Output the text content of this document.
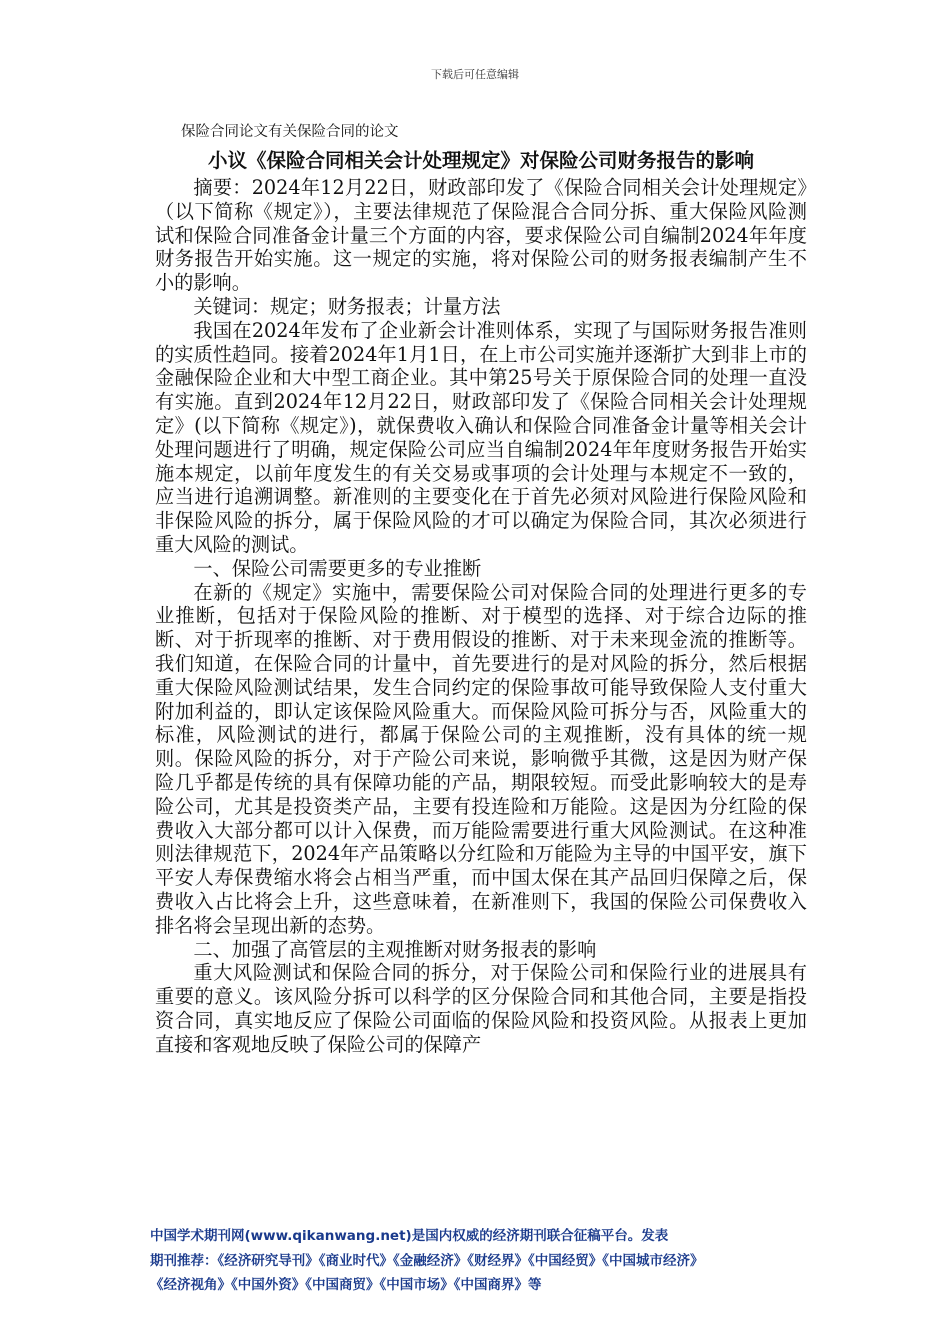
下载后可任意编辑
保险合同论文有关保险合同的论文
小议《保险合同相关会计处理规定》对保险公司财务报告的影响

摘要：2024年12月22日，财政部印发了《保险合同相关会计处理规定》（以下简称《规定》），主要法律规范了保险混合合同分拆、重大保险风险测试和保险合同准备金计量三个方面的内容，要求保险公司自编制2024年年度财务报告开始实施。这一规定的实施，将对保险公司的财务报表编制产生不小的影响。

关键词：规定；财务报表；计量方法

我国在2024年发布了企业新会计准则体系，实现了与国际财务报告准则的实质性趋同。接着2024年1月1日，在上市公司实施并逐渐扩大到非上市的金融保险企业和大中型工商企业。其中第25号关于原保险合同的处理一直没有实施。直到2024年12月22日，财政部印发了《保险合同相关会计处理规定》(以下简称《规定》)，就保费收入确认和保险合同准备金计量等相关会计处理问题进行了明确，规定保险公司应当自编制2024年年度财务报告开始实施本规定，以前年度发生的有关交易或事项的会计处理与本规定不一致的，应当进行追溯调整。新准则的主要变化在于首先必须对风险进行保险风险和非保险风险的拆分，属于保险风险的才可以确定为保险合同，其次必须进行重大风险的测试。

一、保险公司需要更多的专业推断

在新的《规定》实施中，需要保险公司对保险合同的处理进行更多的专业推断，包括对于保险风险的推断、对于模型的选择、对于综合边际的推断、对于折现率的推断、对于费用假设的推断、对于未来现金流的推断等。我们知道，在保险合同的计量中，首先要进行的是对风险的拆分，然后根据重大保险风险测试结果，发生合同约定的保险事故可能导致保险人支付重大附加利益的，即认定该保险风险重大。而保险风险可拆分与否，风险重大的标准，风险测试的进行，都属于保险公司的主观推断，没有具体的统一规则。保险风险的拆分，对于产险公司来说，影响微乎其微，这是因为财产保险几乎都是传统的具有保障功能的产品，期限较短。而受此影响较大的是寿险公司，尤其是投资类产品，主要有投连险和万能险。这是因为分红险的保费收入大部分都可以计入保费，而万能险需要进行重大风险测试。在这种准则法律规范下，2024年产品策略以分红险和万能险为主导的中国平安，旗下平安人寿保费缩水将会占相当严重，而中国太保在其产品回归保障之后，保费收入占比将会上升，这些意味着，在新准则下，我国的保险公司保费收入排名将会呈现出新的态势。

二、加强了高管层的主观推断对财务报表的影响

重大风险测试和保险合同的拆分，对于保险公司和保险行业的进展具有重要的意义。该风险分拆可以科学的区分保险合同和其他合同，主要是指投资合同，真实地反应了保险公司面临的保险风险和投资风险。从报表上更加直接和客观地反映了保险公司的保障产

中国学术期刊网(www.qikanwang.net)是国内权威的经济期刊联合征稿平台。发表
期刊推荐：《经济研究导刊》《商业时代》《金融经济》《财经界》《中国经贸》《中国城市经济》
《经济视角》《中国外资》《中国商贸》《中国市场》《中国商界》等
